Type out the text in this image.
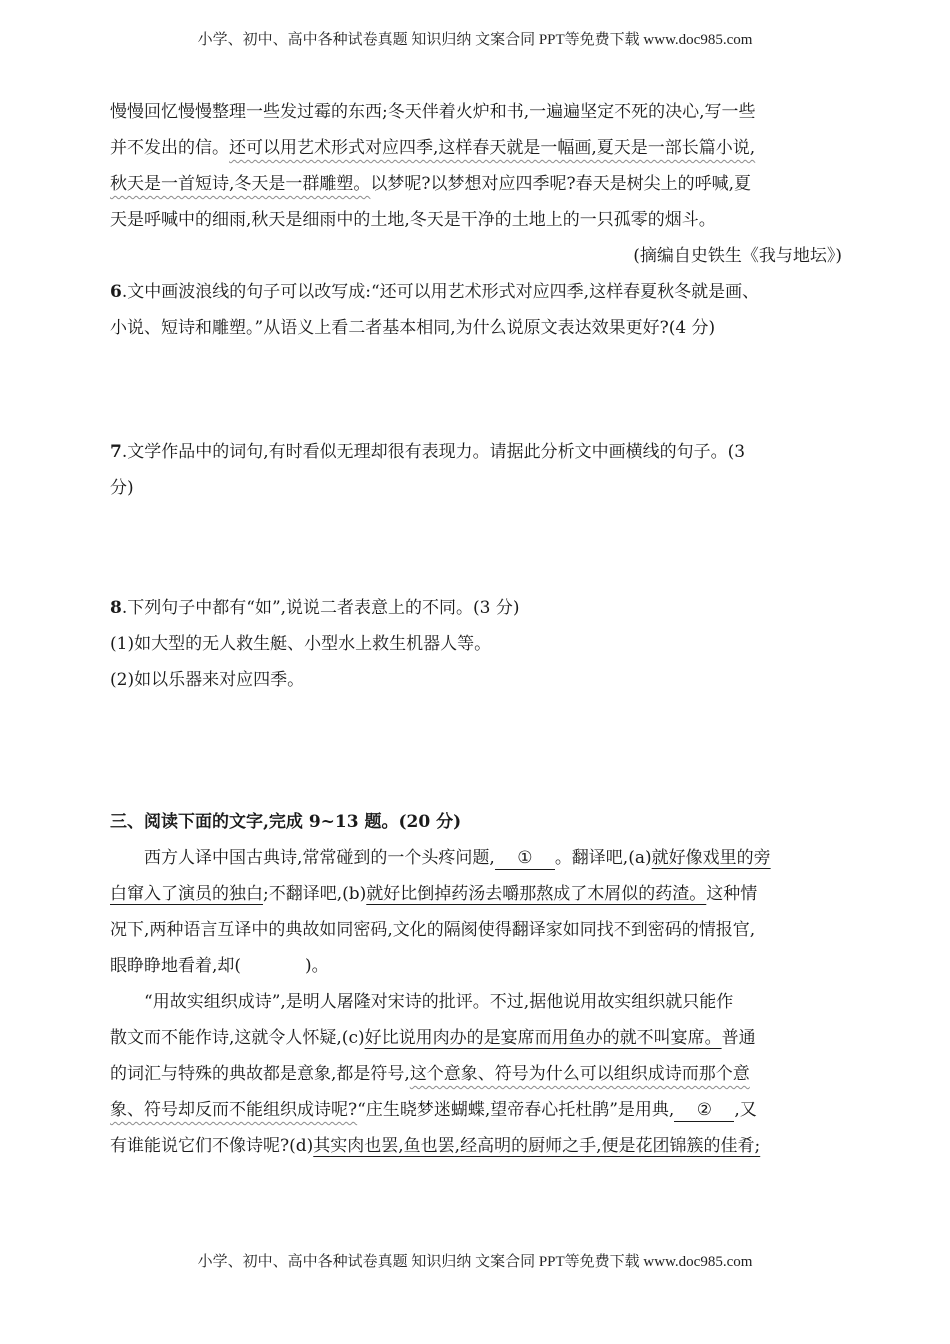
小学、初中、高中各种试卷真题 知识归纳 文案合同 PPT等免费下载 www.doc985.com
慢慢回忆慢慢整理一些发过霉的东西;冬天伴着火炉和书,一遍遍坚定不死的决心,写一些
并不发出的信。还可以用艺术形式对应四季,这样春天就是一幅画,夏天是一部长篇小说,
秋天是一首短诗,冬天是一群雕塑。以梦呢?以梦想对应四季呢?春天是树尖上的呼喊,夏
天是呼喊中的细雨,秋天是细雨中的土地,冬天是干净的土地上的一只孤零的烟斗。
(摘编自史铁生《我与地坛》)
6.文中画波浪线的句子可以改写成:“还可以用艺术形式对应四季,这样春夏秋冬就是画、
小说、短诗和雕塑。”从语义上看二者基本相同,为什么说原文表达效果更好?(4 分)
7.文学作品中的词句,有时看似无理却很有表现力。请据此分析文中画横线的句子。(3
分)
8.下列句子中都有“如”,说说二者表意上的不同。(3 分)
(1)如大型的无人救生艇、小型水上救生机器人等。
(2)如以乐器来对应四季。
三、阅读下面的文字,完成 9~13 题。(20 分)
西方人译中国古典诗,常常碰到的一个头疼问题, ① 。翻译吧,(a)就好像戏里的旁
白窜入了演员的独白;不翻译吧,(b)就好比倒掉药汤去嚼那熬成了木屑似的药渣。这种情
况下,两种语言互译中的典故如同密码,文化的隔阂使得翻译家如同找不到密码的情报官,
眼睁睁地看着,却(	)。
“用故实组织成诗”,是明人屠隆对宋诗的批评。不过,据他说用故实组织就只能作
散文而不能作诗,这就令人怀疑,(c)好比说用肉办的是宴席而用鱼办的就不叫宴席。普通
的词汇与特殊的典故都是意象,都是符号,这个意象、符号为什么可以组织成诗而那个意
象、符号却反而不能组织成诗呢?“庄生晓梦迷蝴蝶,望帝春心托杜鹃”是用典, ② ,又
有谁能说它们不像诗呢?(d)其实肉也罢,鱼也罢,经高明的厨师之手,便是花团锦簇的佳肴;
小学、初中、高中各种试卷真题 知识归纳 文案合同 PPT等免费下载 www.doc985.com
